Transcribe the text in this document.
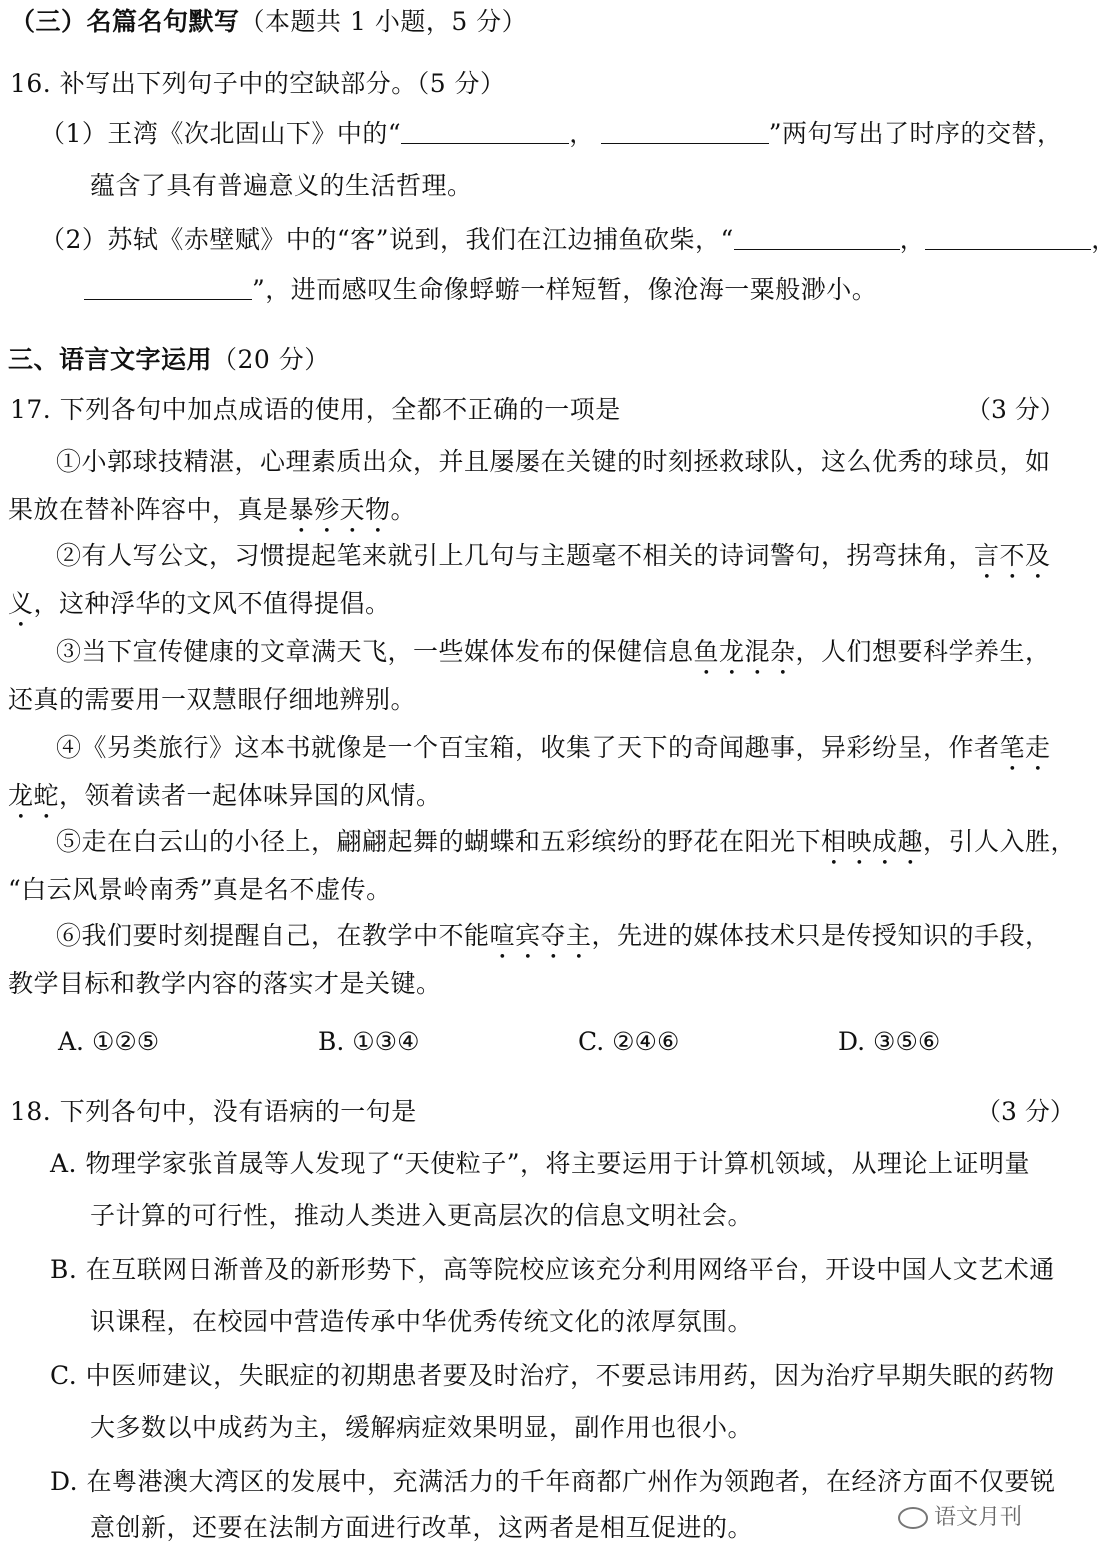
（三）名篇名句默写（本题共 1 小题，5 分）
16. 补写出下列句子中的空缺部分。（5 分）
（1）王湾《次北固山下》中的“	，	”两句写出了时序的交替，
蕴含了具有普遍意义的生活哲理。
（2）苏轼《赤壁赋》中的“客”说到，我们在江边捕鱼砍柴，“	，	，
”，进而感叹生命像蜉蝣一样短暂，像沧海一粟般渺小。
三、语言文字运用（20 分）
17. 下列各句中加点成语的使用，全都不正确的一项是	（3 分）
①小郭球技精湛，心理素质出众，并且屡屡在关键的时刻拯救球队，这么优秀的球员，如
果放在替补阵容中，真是暴殄天物。
②有人写公文，习惯提起笔来就引上几句与主题毫不相关的诗词警句，拐弯抹角，言不及
义，这种浮华的文风不值得提倡。
③当下宣传健康的文章满天飞，一些媒体发布的保健信息鱼龙混杂，人们想要科学养生，
还真的需要用一双慧眼仔细地辨别。
④《另类旅行》这本书就像是一个百宝箱，收集了天下的奇闻趣事，异彩纷呈，作者笔走
龙蛇，领着读者一起体味异国的风情。
⑤走在白云山的小径上，翩翩起舞的蝴蝶和五彩缤纷的野花在阳光下相映成趣，引人入胜，
“白云风景岭南秀”真是名不虚传。
⑥我们要时刻提醒自己，在教学中不能喧宾夺主，先进的媒体技术只是传授知识的手段，
教学目标和教学内容的落实才是关键。
A. ①②⑤	B. ①③④	C. ②④⑥	D. ③⑤⑥
18. 下列各句中，没有语病的一句是	（3 分）
A. 物理学家张首晟等人发现了“天使粒子”，将主要运用于计算机领域，从理论上证明量
子计算的可行性，推动人类进入更高层次的信息文明社会。
B. 在互联网日渐普及的新形势下，高等院校应该充分利用网络平台，开设中国人文艺术通
识课程，在校园中营造传承中华优秀传统文化的浓厚氛围。
C. 中医师建议，失眠症的初期患者要及时治疗，不要忌讳用药，因为治疗早期失眠的药物
大多数以中成药为主，缓解病症效果明显，副作用也很小。
D. 在粤港澳大湾区的发展中，充满活力的千年商都广州作为领跑者，在经济方面不仅要锐
意创新，还要在法制方面进行改革，这两者是相互促进的。	语文月刊
